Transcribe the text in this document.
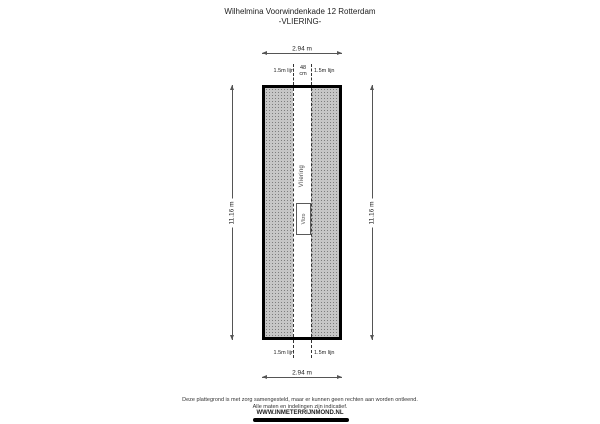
Wilhelmina Voorwindenkade 12 Rotterdam
-VLIERING-
2.94 m
1.5m lijn	48
cm	1.5m lijn
11.16 m	11.16 m
Vliering
Vlizo
1.5m lijn	1.5m lijn
2.94 m
Deze plattegrond is met zorg samengesteld, maar er kunnen geen rechten aan worden ontleend.
Alle maten en indelingen zijn indicatief.
WWW.INMETERRIJNMOND.NL
